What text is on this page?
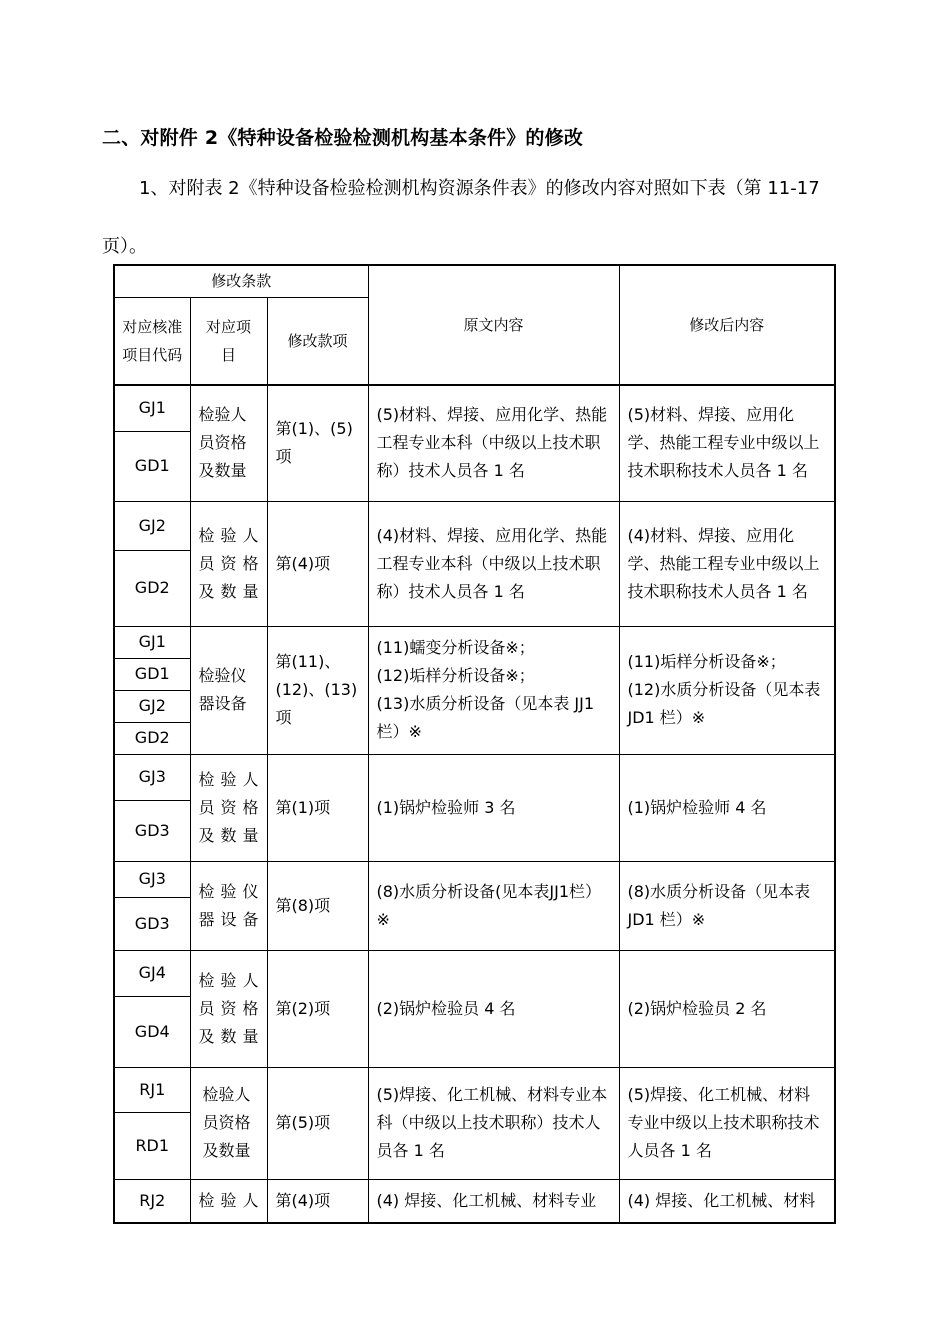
二、对附件 2《特种设备检验检测机构基本条件》的修改
1、对附表 2《特种设备检验检测机构资源条件表》的修改内容对照如下表（第 11-17 页）。
修改条款			原文内容	修改后内容
对应核准项目代码	对应项目	修改款项		
GJ1	检验人员资格及数量	第(1)、(5)项	(5)材料、焊接、应用化学、热能工程专业本科（中级以上技术职称）技术人员各 1 名	(5)材料、焊接、应用化学、热能工程专业中级以上技术职称技术人员各 1 名
GD1				
GJ2	检验人员资格及数量	第(4)项	(4)材料、焊接、应用化学、热能工程专业本科（中级以上技术职称）技术人员各 1 名	(4)材料、焊接、应用化学、热能工程专业中级以上技术职称技术人员各 1 名
GD2				
GJ1	检验仪器设备	第(11)、(12)、(13)项	(11)蠕变分析设备※；
(12)垢样分析设备※；
(13)水质分析设备（见本表 JJ1 栏）※	(11)垢样分析设备※；
(12)水质分析设备（见本表 JD1 栏）※
GD1				
GJ2				
GD2				
GJ3	检验人员资格及数量	第(1)项	(1)锅炉检验师 3 名	(1)锅炉检验师 4 名
GD3				
GJ3	检验仪器设备	第(8)项	(8)水质分析设备(见本表JJ1栏）※	(8)水质分析设备（见本表 JD1 栏）※
GD3				
GJ4	检验人员资格及数量	第(2)项	(2)锅炉检验员 4 名	(2)锅炉检验员 2 名
GD4				
RJ1	检验人员资格及数量	第(5)项	(5)焊接、化工机械、材料专业本科（中级以上技术职称）技术人员各 1 名	(5)焊接、化工机械、材料专业中级以上技术职称技术人员各 1 名
RD1				
RJ2	检验人	第(4)项	(4) 焊接、化工机械、材料专业	(4) 焊接、化工机械、材料
